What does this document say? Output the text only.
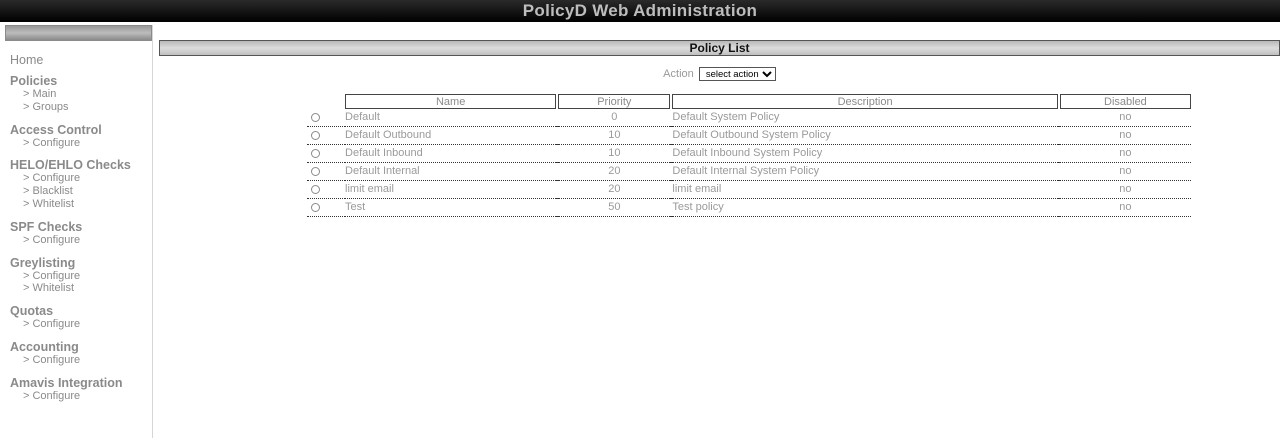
PolicyD Web Administration
Home
Policies
> Main
> Groups
Access Control
> Configure
HELO/EHLO Checks
> Configure
> Blacklist
> Whitelist
SPF Checks
> Configure
Greylisting
> Configure
> Whitelist
Quotas
> Configure
Accounting
> Configure
Amavis Integration
> Configure
Policy List
Action
select action
	Name		Priority		Description		Disabled
	Default		0		Default System Policy		no
	Default Outbound		10		Default Outbound System Policy		no
	Default Inbound		10		Default Inbound System Policy		no
	Default Internal		20		Default Internal System Policy		no
	limit email		20		limit email		no
	Test		50		Test policy		no
